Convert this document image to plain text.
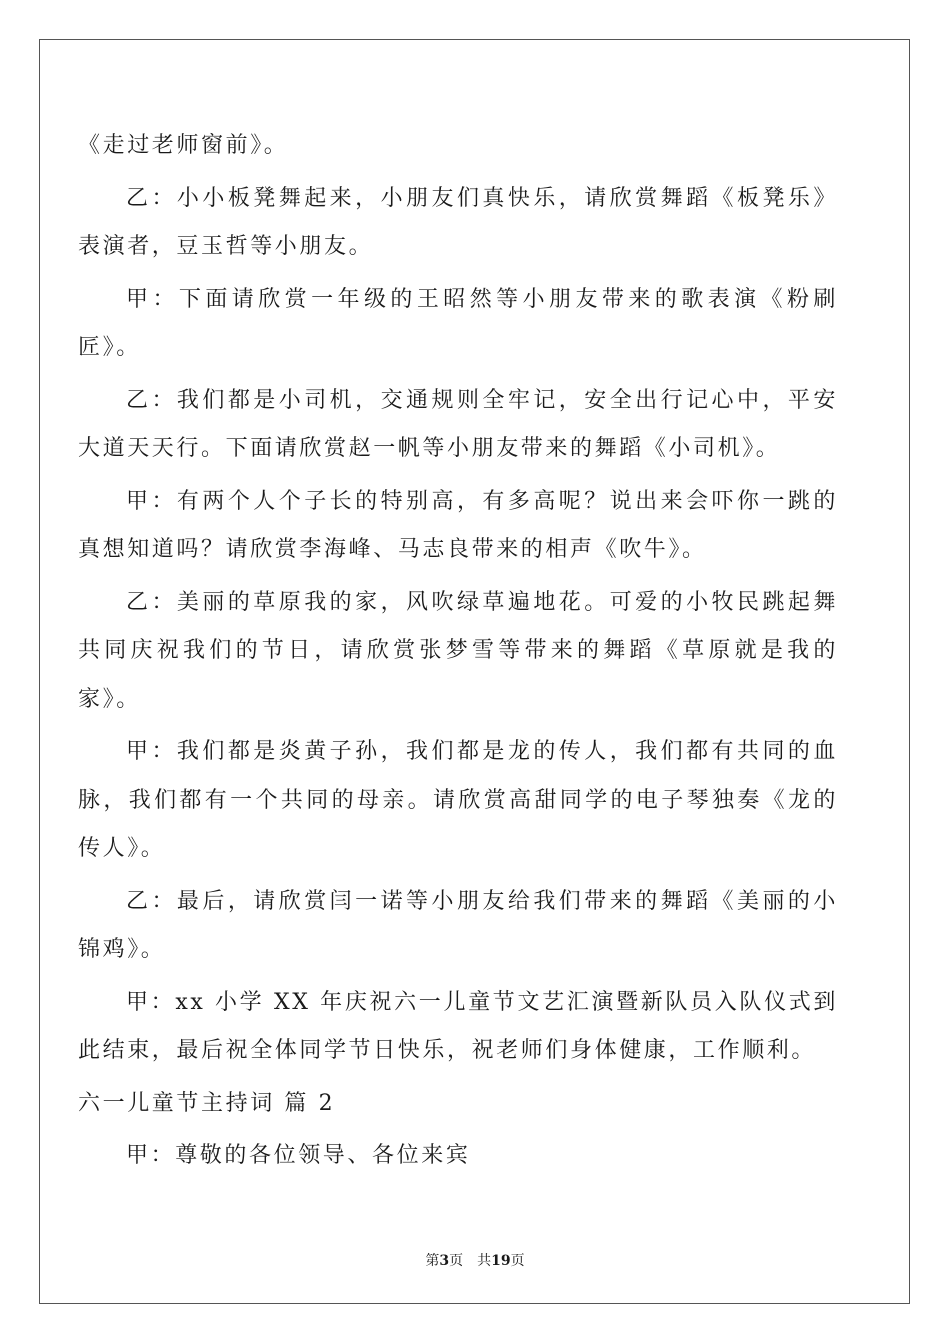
《走过老师窗前》。

乙：小小板凳舞起来，小朋友们真快乐，请欣赏舞蹈《板凳乐》表演者，豆玉哲等小朋友。

甲：下面请欣赏一年级的王昭然等小朋友带来的歌表演《粉刷匠》。

乙：我们都是小司机，交通规则全牢记，安全出行记心中，平安大道天天行。下面请欣赏赵一帆等小朋友带来的舞蹈《小司机》。

甲：有两个人个子长的特别高，有多高呢？说出来会吓你一跳的真想知道吗？请欣赏李海峰、马志良带来的相声《吹牛》。

乙：美丽的草原我的家，风吹绿草遍地花。可爱的小牧民跳起舞共同庆祝我们的节日，请欣赏张梦雪等带来的舞蹈《草原就是我的家》。

甲：我们都是炎黄子孙，我们都是龙的传人，我们都有共同的血脉，我们都有一个共同的母亲。请欣赏高甜同学的电子琴独奏《龙的传人》。

乙：最后，请欣赏闫一诺等小朋友给我们带来的舞蹈《美丽的小锦鸡》。

甲：xx 小学 XX 年庆祝六一儿童节文艺汇演暨新队员入队仪式到此结束，最后祝全体同学节日快乐，祝老师们身体健康，工作顺利。

六一儿童节主持词 篇 2

甲：尊敬的各位领导、各位来宾

第3页 共19页
